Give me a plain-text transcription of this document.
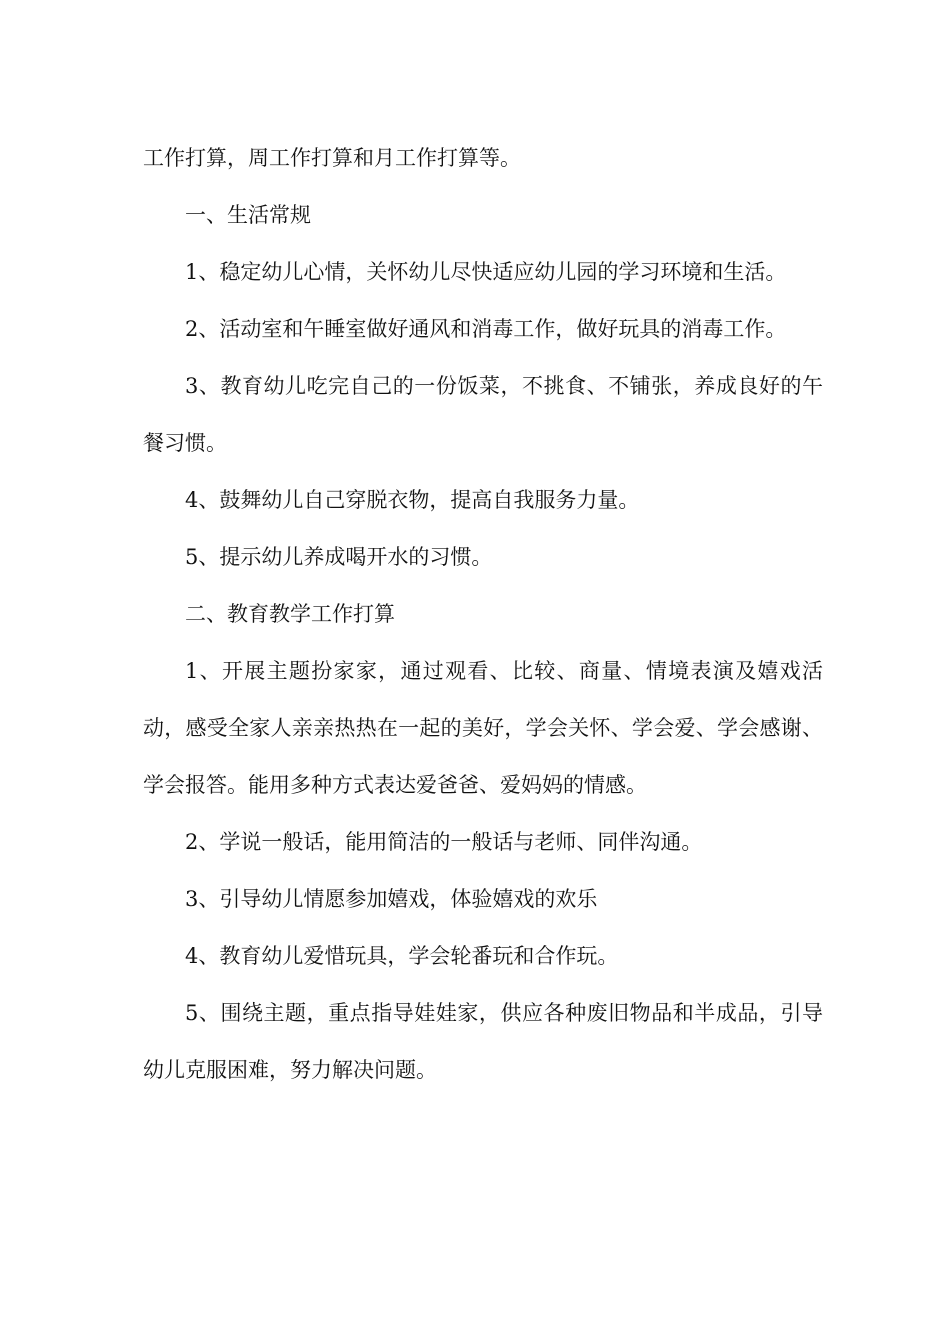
工作打算，周工作打算和月工作打算等。

一、生活常规

1、稳定幼儿心情，关怀幼儿尽快适应幼儿园的学习环境和生活。

2、活动室和午睡室做好通风和消毒工作，做好玩具的消毒工作。

3、教育幼儿吃完自己的一份饭菜，不挑食、不铺张，养成良好的午餐习惯。

4、鼓舞幼儿自己穿脱衣物，提高自我服务力量。

5、提示幼儿养成喝开水的习惯。

二、教育教学工作打算

1、开展主题扮家家，通过观看、比较、商量、情境表演及嬉戏活动，感受全家人亲亲热热在一起的美好，学会关怀、学会爱、学会感谢、学会报答。能用多种方式表达爱爸爸、爱妈妈的情感。

2、学说一般话，能用简洁的一般话与老师、同伴沟通。

3、引导幼儿情愿参加嬉戏，体验嬉戏的欢乐

4、教育幼儿爱惜玩具，学会轮番玩和合作玩。

5、围绕主题，重点指导娃娃家，供应各种废旧物品和半成品，引导幼儿克服困难，努力解决问题。
